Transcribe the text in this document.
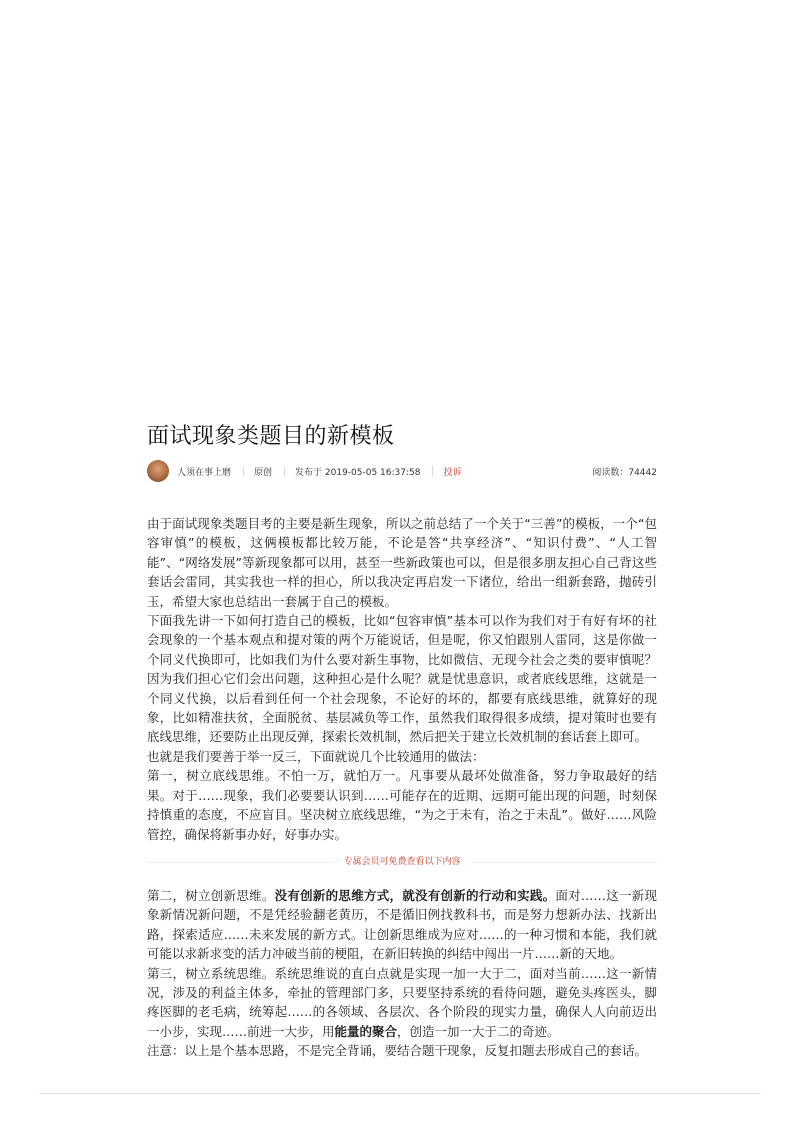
面试现象类题目的新模板
人须在事上磨	原创	发布于 2019-05-05 16:37:58	投诉	阅读数：74442

由于面试现象类题目考的主要是新生现象，所以之前总结了一个关于“三善”的模板，一个“包容审慎”的模板，这俩模板都比较万能，不论是答“共享经济”、“知识付费”、“人工智能”、“网络发展”等新现象都可以用，甚至一些新政策也可以，但是很多朋友担心自己背这些套话会雷同，其实我也一样的担心，所以我决定再启发一下诸位，给出一组新套路，抛砖引玉，希望大家也总结出一套属于自己的模板。

下面我先讲一下如何打造自己的模板，比如“包容审慎”基本可以作为我们对于有好有坏的社会现象的一个基本观点和提对策的两个万能说话，但是呢，你又怕跟别人雷同，这是你做一个同义代换即可，比如我们为什么要对新生事物，比如微信、无现今社会之类的要审慎呢？因为我们担心它们会出问题，这种担心是什么呢？就是忧患意识，或者底线思维，这就是一个同义代换，以后看到任何一个社会现象，不论好的坏的，都要有底线思维，就算好的现象，比如精准扶贫，全面脱贫、基层减负等工作，虽然我们取得很多成绩，提对策时也要有底线思维，还要防止出现反弹，探索长效机制，然后把关于建立长效机制的套话套上即可。

也就是我们要善于举一反三，下面就说几个比较通用的做法：

第一，树立底线思维。不怕一万，就怕万一。凡事要从最坏处做准备，努力争取最好的结果。对于……现象，我们必要要认识到……可能存在的近期、远期可能出现的问题，时刻保持慎重的态度，不应盲目。坚决树立底线思维，“为之于未有，治之于未乱”。做好……风险管控，确保将新事办好，好事办实。

专属会员可免费查看以下内容

第二，树立创新思维。没有创新的思维方式，就没有创新的行动和实践。面对……这一新现象新情况新问题，不是凭经验翻老黄历，不是循旧例找教科书，而是努力想新办法、找新出路，探索适应……未来发展的新方式。让创新思维成为应对……的一种习惯和本能，我们就可能以求新求变的活力冲破当前的梗阻，在新旧转换的纠结中闯出一片……新的天地。

第三，树立系统思维。系统思维说的直白点就是实现一加一大于二，面对当前……这一新情况，涉及的利益主体多，牵扯的管理部门多，只要坚持系统的看待问题，避免头疼医头，脚疼医脚的老毛病，统筹起……的各领域、各层次、各个阶段的现实力量，确保人人向前迈出一小步，实现……前进一大步，用能量的聚合，创造一加一大于二的奇迹。

注意：以上是个基本思路，不是完全背诵，要结合题干现象，反复扣题去形成自己的套话。
